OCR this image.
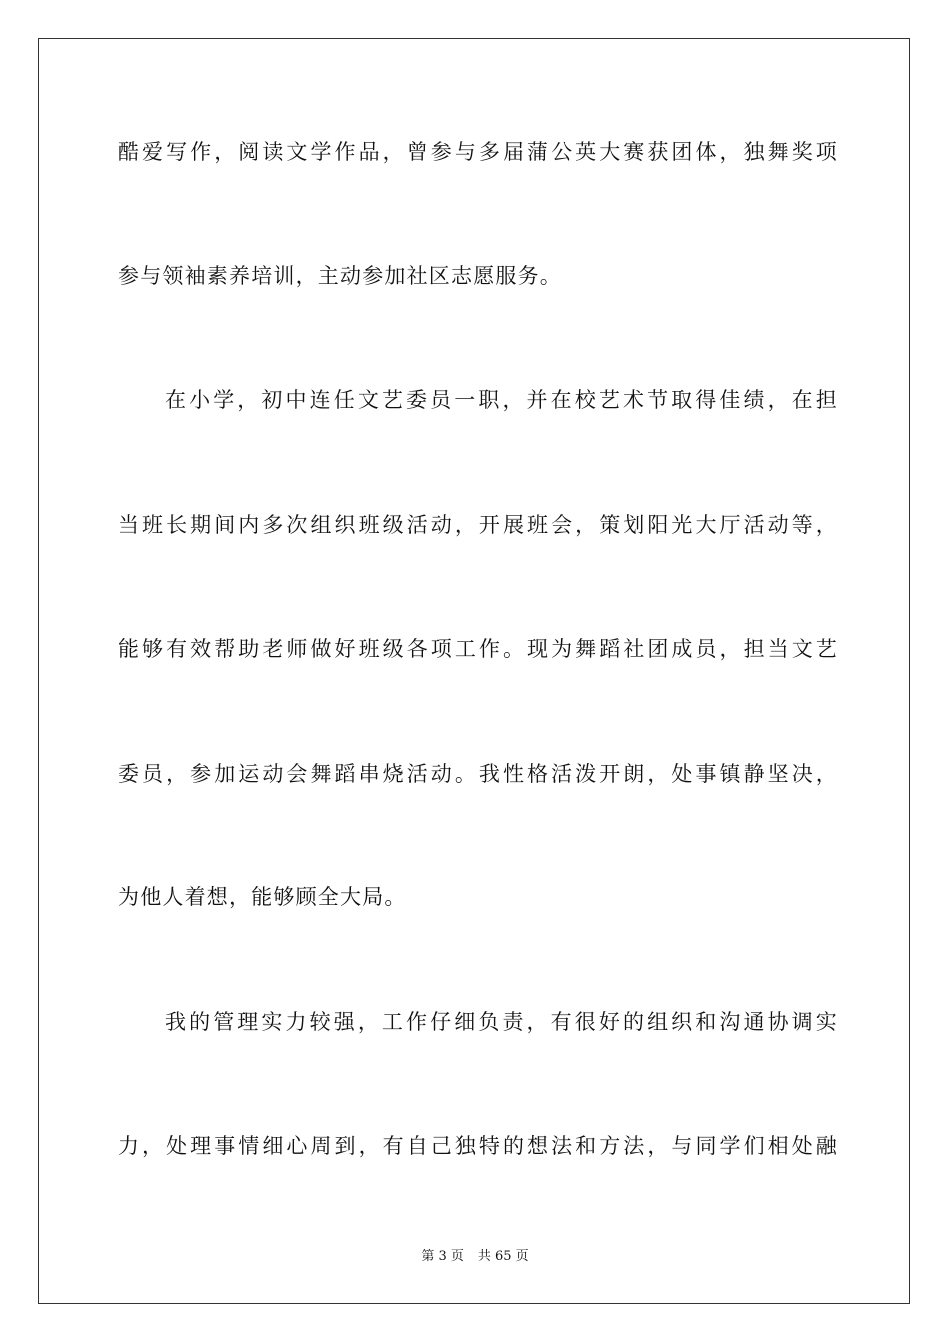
酷爱写作，阅读文学作品，曾参与多届蒲公英大赛获团体，独舞奖项
参与领袖素养培训，主动参加社区志愿服务。
在小学，初中连任文艺委员一职，并在校艺术节取得佳绩，在担
当班长期间内多次组织班级活动，开展班会，策划阳光大厅活动等，
能够有效帮助老师做好班级各项工作。现为舞蹈社团成员，担当文艺
委员，参加运动会舞蹈串烧活动。我性格活泼开朗，处事镇静坚决，
为他人着想，能够顾全大局。
我的管理实力较强，工作仔细负责，有很好的组织和沟通协调实
力，处理事情细心周到，有自己独特的想法和方法，与同学们相处融
第 3 页 共 65 页
